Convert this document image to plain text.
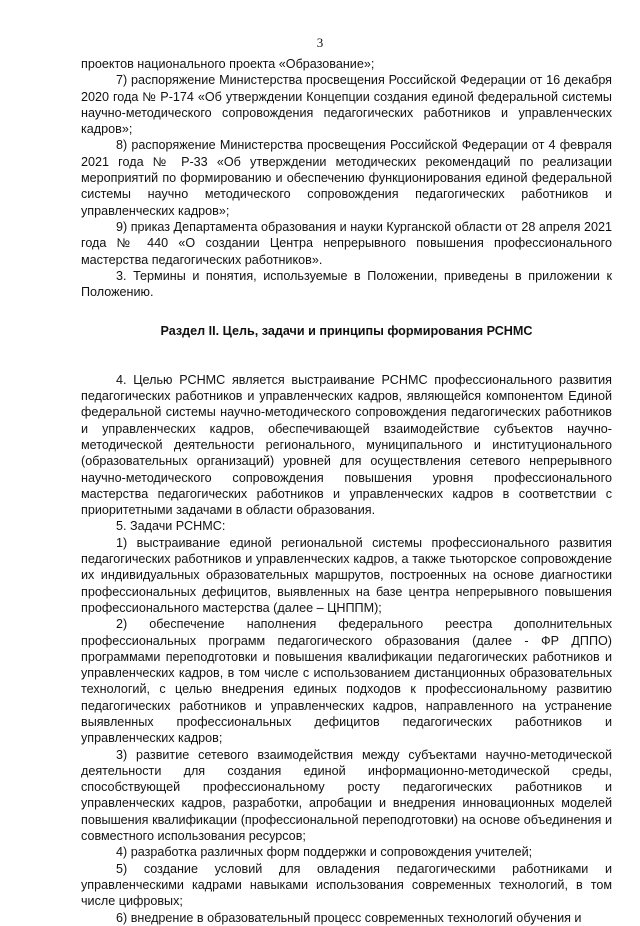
3

проектов национального проекта «Образование»;

7) распоряжение Министерства просвещения Российской Федерации от 16 декабря 2020 года № Р-174 «Об утверждении Концепции создания единой федеральной системы научно-методического сопровождения педагогических работников и управленческих кадров»;

8) распоряжение Министерства просвещения Российской Федерации от 4 февраля 2021 года № Р-33 «Об утверждении методических рекомендаций по реализации мероприятий по формированию и обеспечению функционирования единой федеральной системы научно методического сопровождения педагогических работников и управленческих кадров»;

9) приказ Департамента образования и науки Курганской области от 28 апреля 2021 года № 440 «О создании Центра непрерывного повышения профессионального мастерства педагогических работников».

3. Термины и понятия, используемые в Положении, приведены в приложении к Положению.

Раздел II. Цель, задачи и принципы формирования РСНМС

4. Целью РСНМС является выстраивание РСНМС профессионального развития педагогических работников и управленческих кадров, являющейся компонентом Единой федеральной системы научно-методического сопровождения педагогических работников и управленческих кадров, обеспечивающей взаимодействие субъектов научно-методической деятельности регионального, муниципального и институционального (образовательных организаций) уровней для осуществления сетевого непрерывного научно-методического сопровождения повышения уровня профессионального мастерства педагогических работников и управленческих кадров в соответствии с приоритетными задачами в области образования.

5. Задачи РСНМС:

1) выстраивание единой региональной системы профессионального развития педагогических работников и управленческих кадров, а также тьюторское сопровождение их индивидуальных образовательных маршрутов, построенных на основе диагностики профессиональных дефицитов, выявленных на базе центра непрерывного повышения профессионального мастерства (далее – ЦНППМ);

2) обеспечение наполнения федерального реестра дополнительных профессиональных программ педагогического образования (далее - ФР ДППО) программами переподготовки и повышения квалификации педагогических работников и управленческих кадров, в том числе с использованием дистанционных образовательных технологий, с целью внедрения единых подходов к профессиональному развитию педагогических работников и управленческих кадров, направленного на устранение выявленных профессиональных дефицитов педагогических работников и управленческих кадров;

3) развитие сетевого взаимодействия между субъектами научно-методической деятельности для создания единой информационно-методической среды, способствующей профессиональному росту педагогических работников и управленческих кадров, разработки, апробации и внедрения инновационных моделей повышения квалификации (профессиональной переподготовки) на основе объединения и совместного использования ресурсов;

4) разработка различных форм поддержки и сопровождения учителей;

5) создание условий для овладения педагогическими работниками и управленческими кадрами навыками использования современных технологий, в том числе цифровых;

6) внедрение в образовательный процесс современных технологий обучения и
